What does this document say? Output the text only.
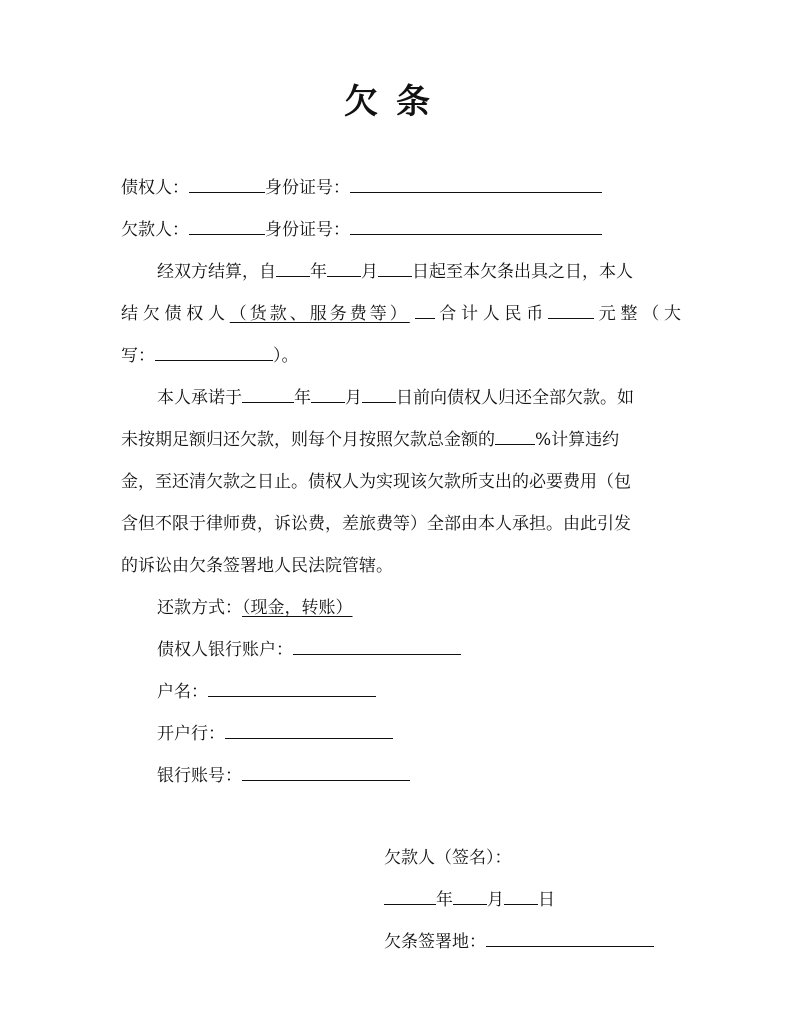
欠条
债权人：	身份证号：
欠款人：	身份证号：
经双方结算，自 年 月 日起至本欠条出具之日，本人
结 欠 债 权 人 （货款、服务费等） 合 计 人 民 币	元 整 （ 大
写：	）。
本人承诺于	年 月 日前向债权人归还全部欠款。如
未按期足额归还欠款，则每个月按照欠款总金额的 %计算违约
金，至还清欠款之日止。债权人为实现该欠款所支出的必要费用（包
含但不限于律师费，诉讼费，差旅费等）全部由本人承担。由此引发
的诉讼由欠条签署地人民法院管辖。
还款方式：（现金，转账）
债权人银行账户：
户名：
开户行：
银行账号：
欠款人（签名）：
年 月 日
欠条签署地：
